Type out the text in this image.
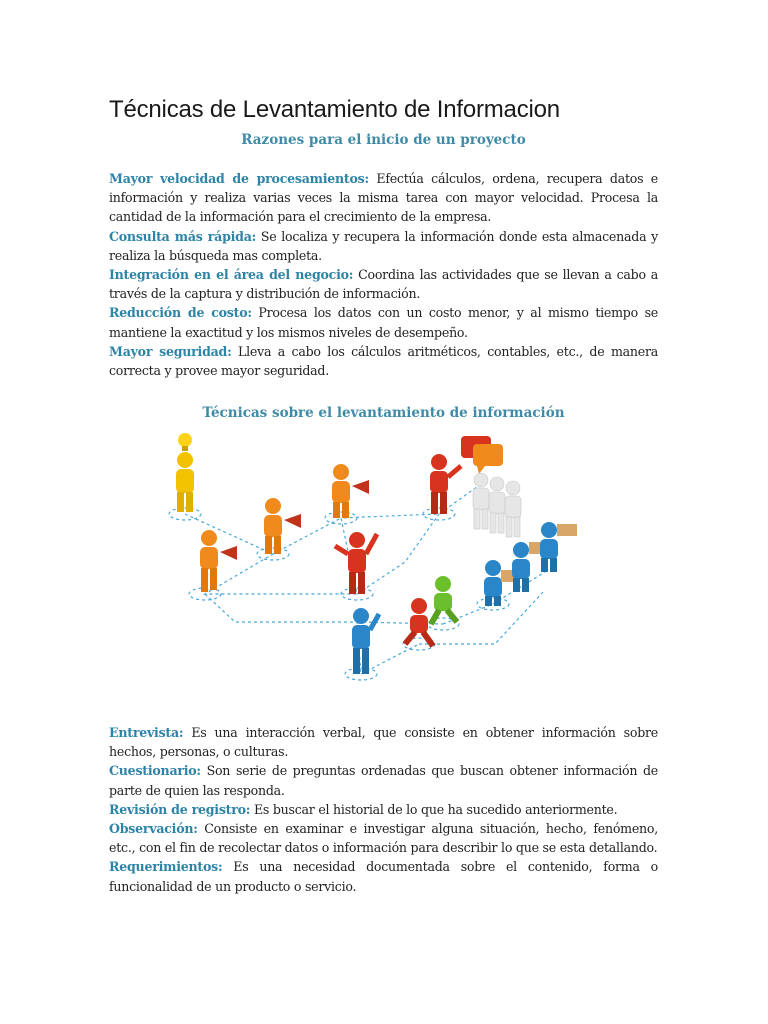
Técnicas de Levantamiento de Informacion
Razones para el inicio de un proyecto

Mayor velocidad de procesamientos: Efectúa cálculos, ordena, recupera datos e información y realiza varias veces la misma tarea con mayor velocidad. Procesa la cantidad de la información para el crecimiento de la empresa.

Consulta más rápida: Se localiza y recupera la información donde esta almacenada y realiza la búsqueda mas completa.

Integración en el área del negocio: Coordina las actividades que se llevan a cabo a través de la captura y distribución de información.

Reducción de costo: Procesa los datos con un costo menor, y al mismo tiempo se mantiene la exactitud y los mismos niveles de desempeño.

Mayor seguridad: Lleva a cabo los cálculos aritméticos, contables, etc., de manera correcta y provee mayor seguridad.

Técnicas sobre el levantamiento de información

Entrevista: Es una interacción verbal, que consiste en obtener información sobre hechos, personas, o culturas.

Cuestionario: Son serie de preguntas ordenadas que buscan obtener información de parte de quien las responda.

Revisión de registro: Es buscar el historial de lo que ha sucedido anteriormente.

Observación: Consiste en examinar e investigar alguna situación, hecho, fenómeno, etc., con el fin de recolectar datos o información para describir lo que se esta detallando.

Requerimientos: Es una necesidad documentada sobre el contenido, forma o funcionalidad de un producto o servicio.
